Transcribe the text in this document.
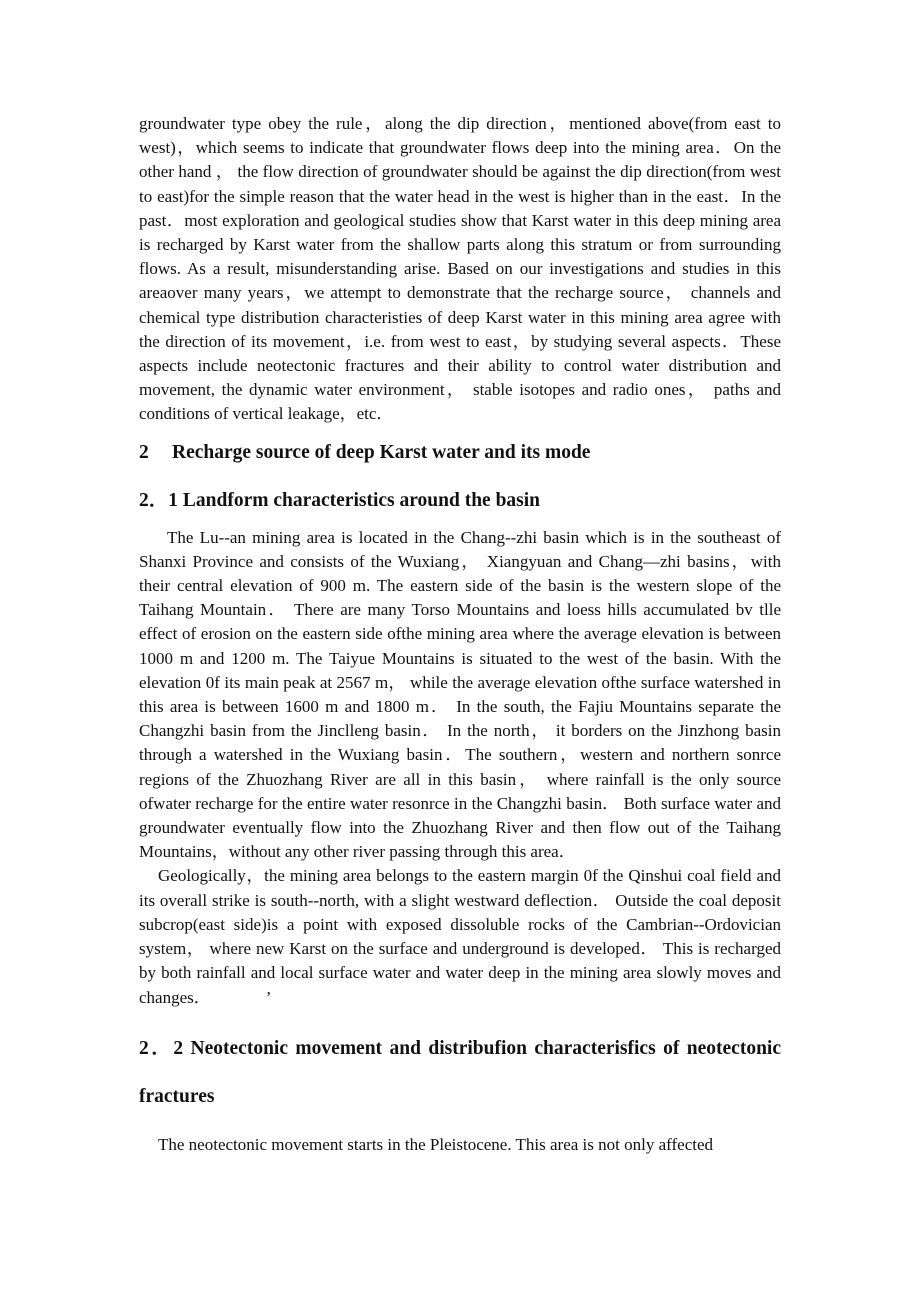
groundwater type obey the rule，along the dip direction，mentioned above(from east to west)，which seems to indicate that groundwater flows deep into the mining area．On the other hand ， the flow direction of groundwater should be against the dip direction(from west to east)for the simple reason that the water head in the west is higher than in the east．In the past．most exploration and geological studies show that Karst water in this deep mining area is recharged by Karst water from the shallow parts along this stratum or from surrounding flows. As a result, misunderstanding arise. Based on our investigations and studies in this areaover many years，we attempt to demonstrate that the recharge source， channels and chemical type distribution characteristies of deep Karst water in this mining area agree with the direction of its movement，i.e. from west to east，by studying several aspects．These aspects include neotectonic fractures and their ability to control water distribution and movement, the dynamic water environment， stable isotopes and radio ones， paths and conditions of vertical leakage，etc．

2 Recharge source of deep Karst water and its mode
2．1 Landform characteristics around the basin

The Lu--an mining area is located in the Chang--zhi basin which is in the southeast of Shanxi Province and consists of the Wuxiang， Xiangyuan and Chang—zhi basins，with their central elevation of 900 m. The eastern side of the basin is the western slope of the Taihang Mountain． There are many Torso Mountains and loess hills accumulated bv tlle effect of erosion on the eastern side ofthe mining area where the average elevation is between 1000 m and 1200 m. The Taiyue Mountains is situated to the west of the basin. With the elevation 0f its main peak at 2567 m， while the average elevation ofthe surface watershed in this area is between 1600 m and 1800 m． In the south, the Fajiu Mountains separate the Changzhi basin from the Jinclleng basin． In the north， it borders on the Jinzhong basin through a watershed in the Wuxiang basin．The southern，western and northern sonrce regions of the Zhuozhang River are all in this basin， where rainfall is the only source ofwater recharge for the entire water resonrce in the Changzhi basin． Both surface water and groundwater eventually flow into the Zhuozhang River and then flow out of the Taihang Mountains，without any other river passing through this area．

Geologically，the mining area belongs to the eastern margin 0f the Qinshui coal field and its overall strike is south--north, with a slight westward deflection． Outside the coal deposit subcrop(east side)is a point with exposed dissoluble rocks of the Cambrian--Ordovician system， where new Karst on the surface and underground is developed． This is recharged by both rainfall and local surface water and water deep in the mining area slowly moves and changes．	’

2．2 Neotectonic movement and distribufion characterisfics of neotectonic fractures

The neotectonic movement starts in the Pleistocene. This area is not only affected
